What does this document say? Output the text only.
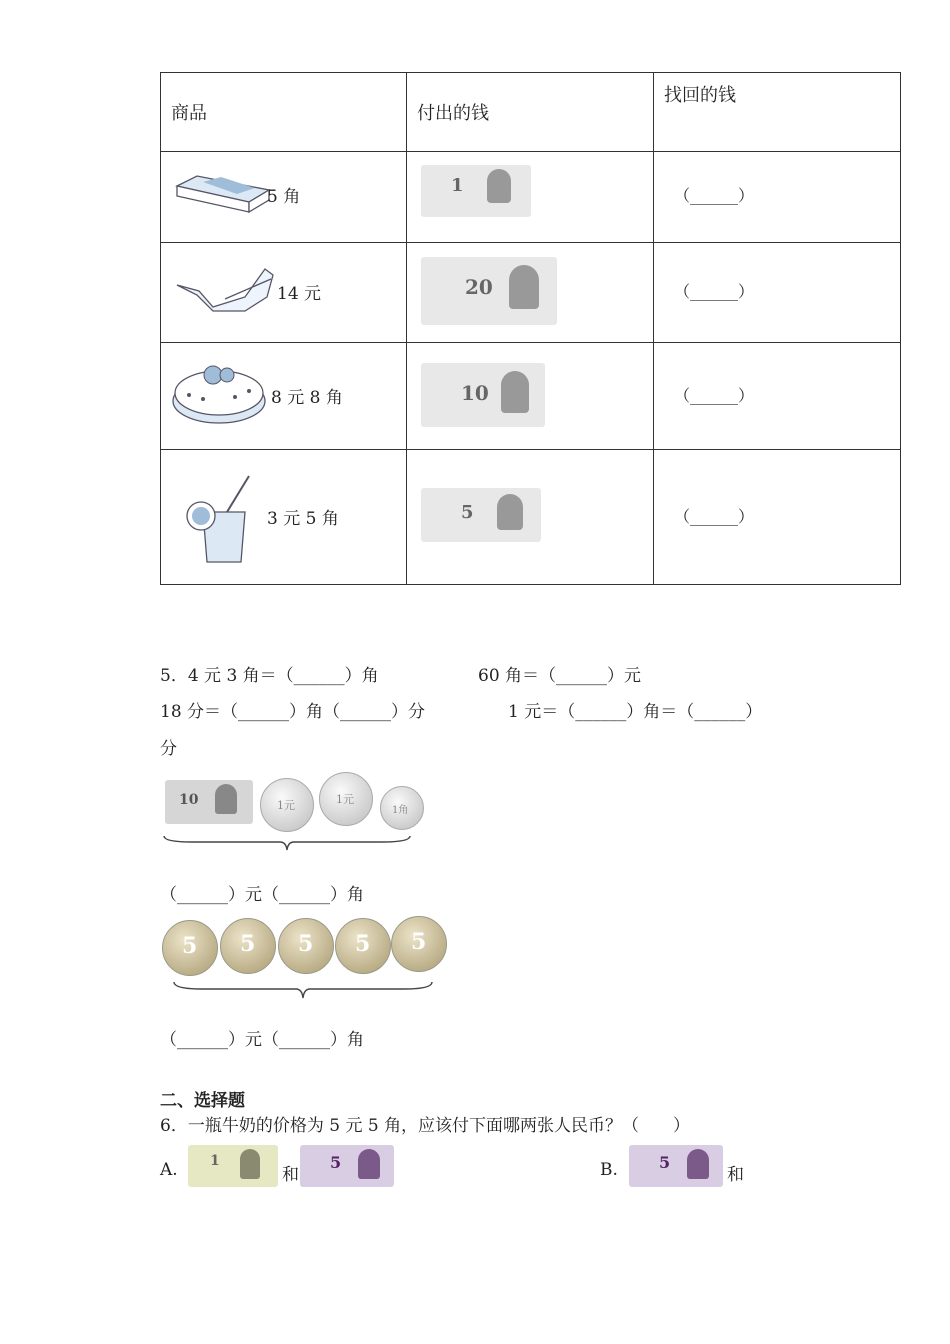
商品	付出的钱	找回的钱

5 角	1	（______）

14 元	20	（______）

8 元 8 角	10	（______）

3 元 5 角	5	（______）
5．4 元 3 角＝（______）角	60 角＝（______）元
18 分＝（______）角（______）分	1 元＝（______）角＝（______）
分
10	1元	1元
1角
（______）元（______）角
5 5 5 5 5
（______）元（______）角
二、选择题
6．一瓶牛奶的价格为 5 元 5 角，应该付下面哪两张人民币？（　　）
A. 1
和
5	B.	5
和
